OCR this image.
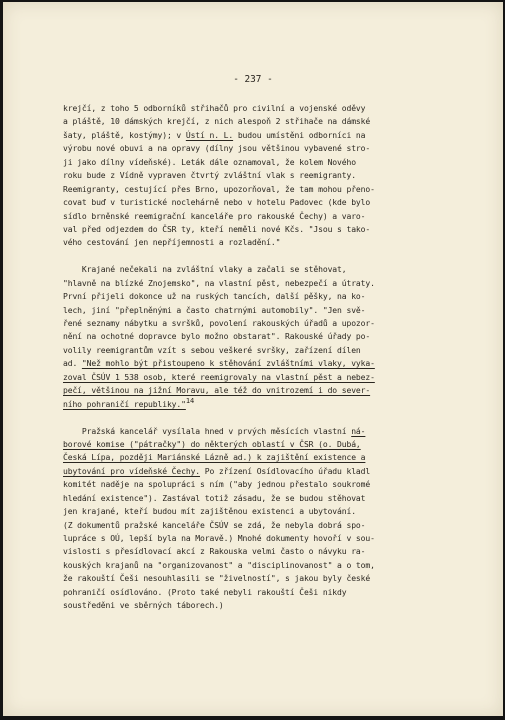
- 237 -
krejčí, z toho 5 odborníků střihačů pro civilní a vojenské oděvy
a pláště, 10 dámských krejčí, z nich alespoň 2 střihače na dámské
šaty, pláště, kostýmy); v Ústí n. L. budou umístěni odborníci na
výrobu nové obuvi a na opravy (dílny jsou většinou vybavené stro-
ji jako dílny vídeňské). Leták dále oznamoval, že kolem Nového
roku bude z Vídně vypraven čtvrtý zvláštní vlak s reemigranty.
Reemigranty, cestující přes Brno, upozorňoval, že tam mohou přeno-
covat buď v turistické noclehárně nebo v hotelu Padovec (kde bylo
sídlo brněnské reemigrační kanceláře pro rakouské Čechy) a varo-
val před odjezdem do ČSR ty, kteří neměli nové Kčs. "Jsou s tako-
vého cestování jen nepříjemnosti a rozladění."
Krajané nečekali na zvláštní vlaky a začali se stěhovat,
"hlavně na blízké Znojemsko", na vlastní pěst, nebezpečí a útraty.
První přijeli dokonce už na ruských tancích, další pěšky, na ko-
lech, jiní "přeplněnými a často chatrnými automobily". "Jen svě-
řené seznamy nábytku a svršků, povolení rakouských úřadů a upozor-
nění na ochotné dopravce bylo možno obstarat". Rakouské úřady po-
volily reemigrantům vzít s sebou veškeré svršky, zařízení dílen
ad. "Než mohlo být přistoupeno k stěhování zvláštními vlaky, vyka-
zoval ČSÚV 1 538 osob, které reemigrovaly na vlastní pěst a nebez-
pečí, většinou na jižní Moravu, ale též do vnitrozemí i do sever-
ního pohraničí republiky."$^{14}$
Pražská kancelář vysílala hned v prvých měsících vlastní ná-
borové komise ("pátračky") do některých oblastí v ČSR (o. Dubá,
Česká Lípa, později Mariánské Lázně ad.) k zajištění existence a
ubytování pro vídeňské Čechy. Po zřízení Osídlovacího úřadu kladl
komitét naděje na spolupráci s ním ("aby jednou přestalo soukromé
hledání existence"). Zastával totiž zásadu, že se budou stěhovat
jen krajané, kteří budou mít zajištěnou existenci a ubytování.
(Z dokumentů pražské kanceláře ČSÚV se zdá, že nebyla dobrá spo-
lupráce s OÚ, lepší byla na Moravě.) Mnohé dokumenty hovoří v sou-
vislosti s přesídlovací akcí z Rakouska velmi často o návyku ra-
kouských krajanů na "organizovanost" a "disciplinovanost" a o tom,
že rakouští Češi nesouhlasili se "živelností", s jakou byly české
pohraničí osídlováno. (Proto také nebyli rakouští Češi nikdy
soustředěni ve sběrných táborech.)
